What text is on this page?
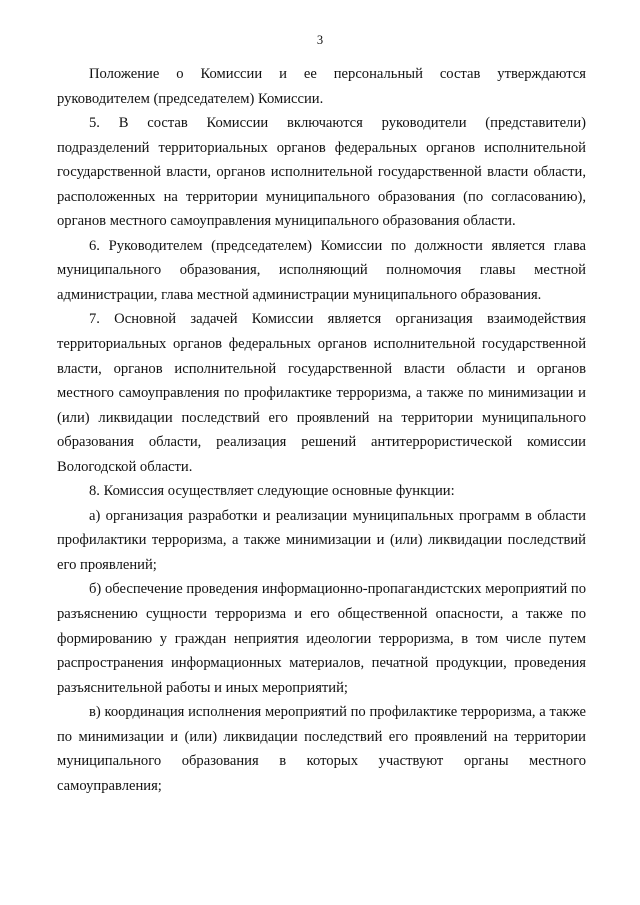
3

Положение о Комиссии и ее персональный состав утверждаются руководителем (председателем) Комиссии.

5. В состав Комиссии включаются руководители (представители) подразделений территориальных органов федеральных органов исполнительной государственной власти, органов исполнительной государственной власти области, расположенных на территории муниципального образования (по согласованию), органов местного самоуправления муниципального образования области.

6. Руководителем (председателем) Комиссии по должности является глава муниципального образования, исполняющий полномочия главы местной администрации, глава местной администрации муниципального образования.

7. Основной задачей Комиссии является организация взаимодействия территориальных органов федеральных органов исполнительной государственной власти, органов исполнительной государственной власти области и органов местного самоуправления по профилактике терроризма, а также по минимизации и (или) ликвидации последствий его проявлений на территории муниципального образования области, реализация решений антитеррористической комиссии Вологодской области.

8. Комиссия осуществляет следующие основные функции:

а) организация разработки и реализации муниципальных программ в области профилактики терроризма, а также минимизации и (или) ликвидации последствий его проявлений;

б) обеспечение проведения информационно-пропагандистских мероприятий по разъяснению сущности терроризма и его общественной опасности, а также по формированию у граждан неприятия идеологии терроризма, в том числе путем распространения информационных материалов, печатной продукции, проведения разъяснительной работы и иных мероприятий;

в) координация исполнения мероприятий по профилактике терроризма, а также по минимизации и (или) ликвидации последствий его проявлений на территории муниципального образования в которых участвуют органы местного самоуправления;
